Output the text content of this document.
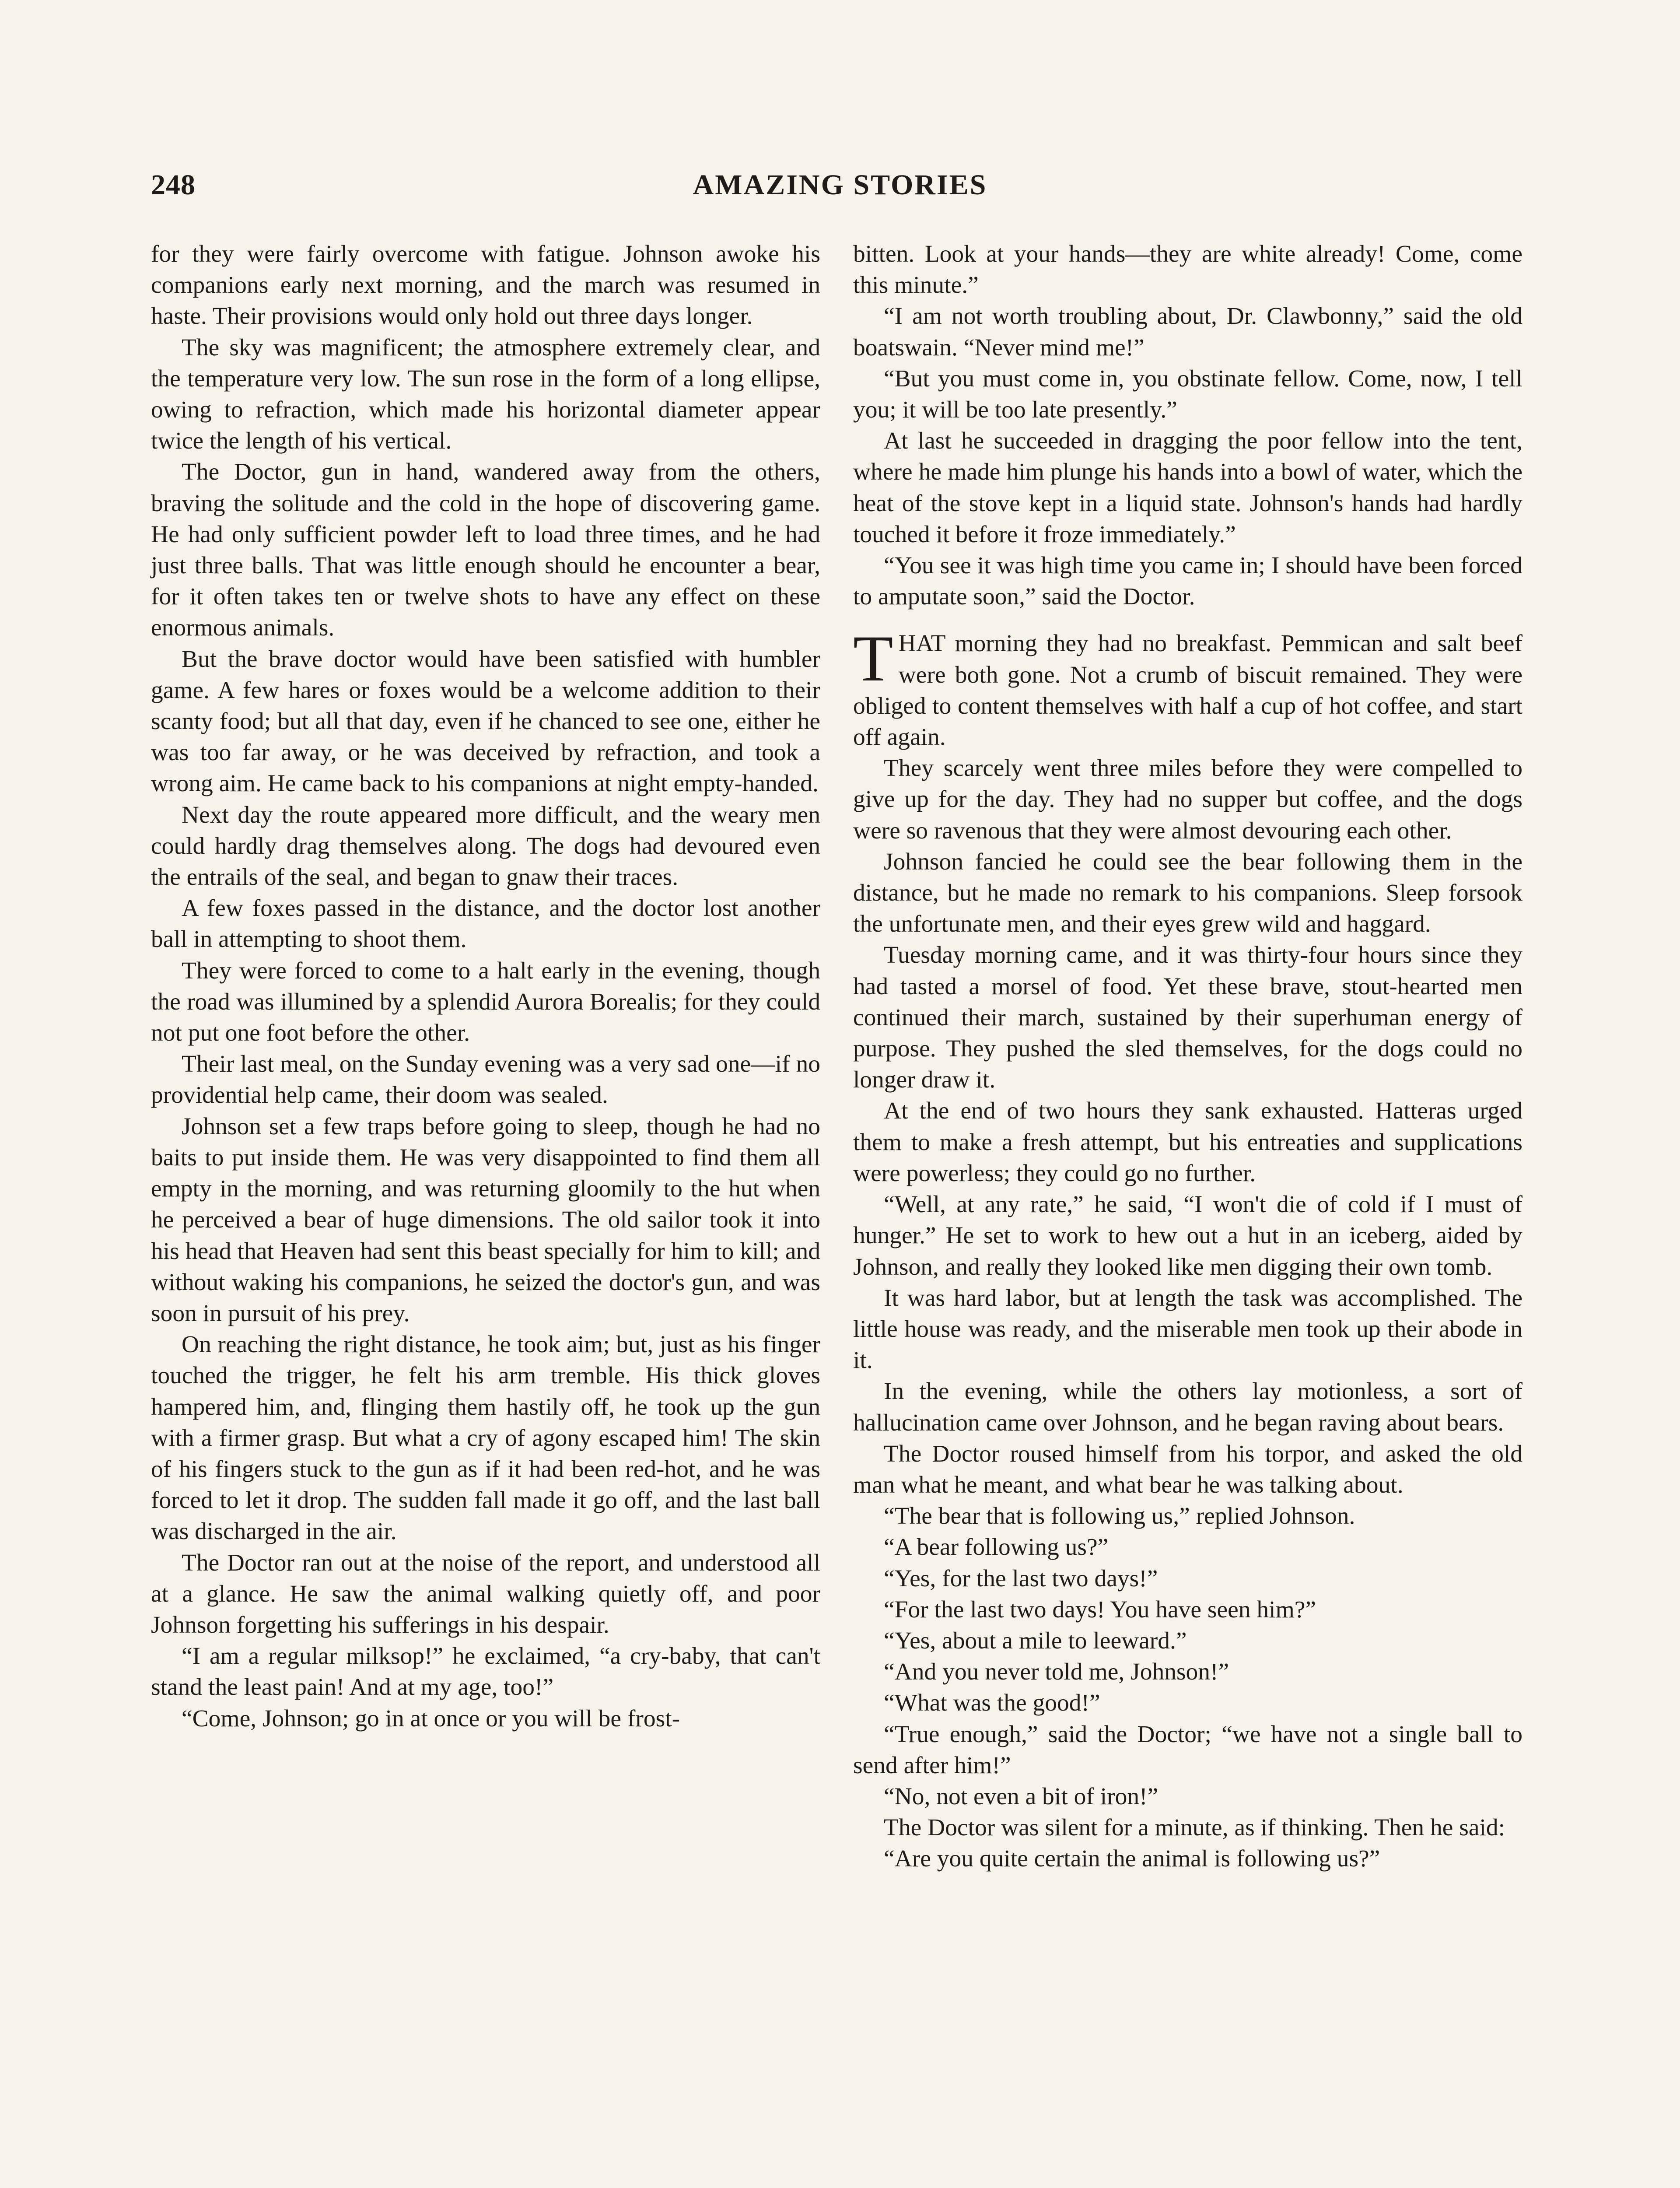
248	AMAZING STORIES

for they were fairly overcome with fatigue. Johnson awoke his companions early next morning, and the march was resumed in haste. Their provisions would only hold out three days longer.

The sky was magnificent; the atmosphere extremely clear, and the temperature very low. The sun rose in the form of a long ellipse, owing to refraction, which made his horizontal diameter appear twice the length of his vertical.

The Doctor, gun in hand, wandered away from the others, braving the solitude and the cold in the hope of discovering game. He had only sufficient powder left to load three times, and he had just three balls. That was little enough should he encounter a bear, for it often takes ten or twelve shots to have any effect on these enormous animals.

But the brave doctor would have been satisfied with humbler game. A few hares or foxes would be a welcome addition to their scanty food; but all that day, even if he chanced to see one, either he was too far away, or he was deceived by refraction, and took a wrong aim. He came back to his companions at night empty-handed.

Next day the route appeared more difficult, and the weary men could hardly drag themselves along. The dogs had devoured even the entrails of the seal, and began to gnaw their traces.

A few foxes passed in the distance, and the doctor lost another ball in attempting to shoot them.

They were forced to come to a halt early in the evening, though the road was illumined by a splendid Aurora Borealis; for they could not put one foot before the other.

Their last meal, on the Sunday evening was a very sad one—if no providential help came, their doom was sealed.

Johnson set a few traps before going to sleep, though he had no baits to put inside them. He was very disappointed to find them all empty in the morning, and was returning gloomily to the hut when he perceived a bear of huge dimensions. The old sailor took it into his head that Heaven had sent this beast specially for him to kill; and without waking his companions, he seized the doctor's gun, and was soon in pursuit of his prey.

On reaching the right distance, he took aim; but, just as his finger touched the trigger, he felt his arm tremble. His thick gloves hampered him, and, flinging them hastily off, he took up the gun with a firmer grasp. But what a cry of agony escaped him! The skin of his fingers stuck to the gun as if it had been red-hot, and he was forced to let it drop. The sudden fall made it go off, and the last ball was discharged in the air.

The Doctor ran out at the noise of the report, and understood all at a glance. He saw the animal walking quietly off, and poor Johnson forgetting his sufferings in his despair.

“I am a regular milksop!” he exclaimed, “a cry-baby, that can't stand the least pain! And at my age, too!”

“Come, Johnson; go in at once or you will be frost-

bitten. Look at your hands—they are white already! Come, come this minute.”

“I am not worth troubling about, Dr. Clawbonny,” said the old boatswain. “Never mind me!”

“But you must come in, you obstinate fellow. Come, now, I tell you; it will be too late presently.”

At last he succeeded in dragging the poor fellow into the tent, where he made him plunge his hands into a bowl of water, which the heat of the stove kept in a liquid state. Johnson's hands had hardly touched it before it froze immediately.”

“You see it was high time you came in; I should have been forced to amputate soon,” said the Doctor.

THAT morning they had no breakfast. Pemmican and salt beef were both gone. Not a crumb of biscuit remained. They were obliged to content themselves with half a cup of hot coffee, and start off again.

They scarcely went three miles before they were compelled to give up for the day. They had no supper but coffee, and the dogs were so ravenous that they were almost devouring each other.

Johnson fancied he could see the bear following them in the distance, but he made no remark to his companions. Sleep forsook the unfortunate men, and their eyes grew wild and haggard.

Tuesday morning came, and it was thirty-four hours since they had tasted a morsel of food. Yet these brave, stout-hearted men continued their march, sustained by their superhuman energy of purpose. They pushed the sled themselves, for the dogs could no longer draw it.

At the end of two hours they sank exhausted. Hatteras urged them to make a fresh attempt, but his entreaties and supplications were powerless; they could go no further.

“Well, at any rate,” he said, “I won't die of cold if I must of hunger.” He set to work to hew out a hut in an iceberg, aided by Johnson, and really they looked like men digging their own tomb.

It was hard labor, but at length the task was accomplished. The little house was ready, and the miserable men took up their abode in it.

In the evening, while the others lay motionless, a sort of hallucination came over Johnson, and he began raving about bears.

The Doctor roused himself from his torpor, and asked the old man what he meant, and what bear he was talking about.

“The bear that is following us,” replied Johnson.

“A bear following us?”

“Yes, for the last two days!”

“For the last two days! You have seen him?”

“Yes, about a mile to leeward.”

“And you never told me, Johnson!”

“What was the good!”

“True enough,” said the Doctor; “we have not a single ball to send after him!”

“No, not even a bit of iron!”

The Doctor was silent for a minute, as if thinking. Then he said:

“Are you quite certain the animal is following us?”
